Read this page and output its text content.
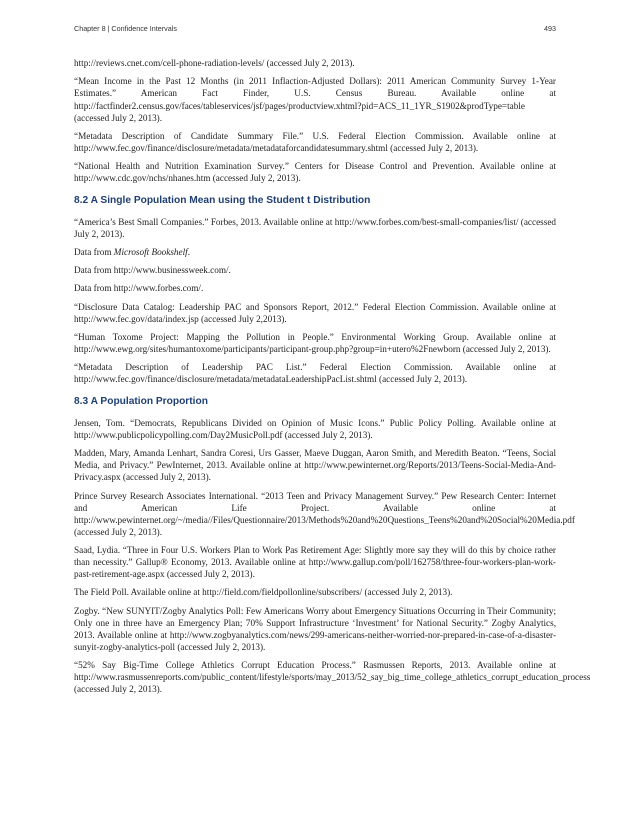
Chapter 8 | Confidence Intervals	493

http://reviews.cnet.com/cell-phone-radiation-levels/ (accessed July 2, 2013).

“Mean Income in the Past 12 Months (in 2011 Inflaction-Adjusted Dollars): 2011 American Community Survey 1-Year Estimates.” American Fact Finder, U.S. Census Bureau. Available online at http://factfinder2.census.gov/faces/tableservices/jsf/pages/productview.xhtml?pid=ACS_11_1YR_S1902&prodType=table (accessed July 2, 2013).

“Metadata Description of Candidate Summary File.” U.S. Federal Election Commission. Available online at http://www.fec.gov/finance/disclosure/metadata/metadataforcandidatesummary.shtml (accessed July 2, 2013).

“National Health and Nutrition Examination Survey.” Centers for Disease Control and Prevention. Available online at http://www.cdc.gov/nchs/nhanes.htm (accessed July 2, 2013).

8.2 A Single Population Mean using the Student t Distribution

“America’s Best Small Companies.” Forbes, 2013. Available online at http://www.forbes.com/best-small-companies/list/ (accessed July 2, 2013).

Data from Microsoft Bookshelf.

Data from http://www.businessweek.com/.

Data from http://www.forbes.com/.

“Disclosure Data Catalog: Leadership PAC and Sponsors Report, 2012.” Federal Election Commission. Available online at http://www.fec.gov/data/index.jsp (accessed July 2,2013).

“Human Toxome Project: Mapping the Pollution in People.” Environmental Working Group. Available online at http://www.ewg.org/sites/humantoxome/participants/participant-group.php?group=in+utero%2Fnewborn (accessed July 2, 2013).

“Metadata Description of Leadership PAC List.” Federal Election Commission. Available online at http://www.fec.gov/finance/disclosure/metadata/metadataLeadershipPacList.shtml (accessed July 2, 2013).

8.3 A Population Proportion

Jensen, Tom. “Democrats, Republicans Divided on Opinion of Music Icons.” Public Policy Polling. Available online at http://www.publicpolicypolling.com/Day2MusicPoll.pdf (accessed July 2, 2013).

Madden, Mary, Amanda Lenhart, Sandra Coresi, Urs Gasser, Maeve Duggan, Aaron Smith, and Meredith Beaton. “Teens, Social Media, and Privacy.” PewInternet, 2013. Available online at http://www.pewinternet.org/Reports/2013/Teens-Social-Media-And-Privacy.aspx (accessed July 2, 2013).

Prince Survey Research Associates International. “2013 Teen and Privacy Management Survey.” Pew Research Center: Internet and American Life Project. Available online at http://www.pewinternet.org/~/media//Files/Questionnaire/2013/Methods%20and%20Questions_Teens%20and%20Social%20Media.pdf (accessed July 2, 2013).

Saad, Lydia. “Three in Four U.S. Workers Plan to Work Pas Retirement Age: Slightly more say they will do this by choice rather than necessity.” Gallup® Economy, 2013. Available online at http://www.gallup.com/poll/162758/three-four-workers-plan-work-past-retirement-age.aspx (accessed July 2, 2013).

The Field Poll. Available online at http://field.com/fieldpollonline/subscribers/ (accessed July 2, 2013).

Zogby. “New SUNYIT/Zogby Analytics Poll: Few Americans Worry about Emergency Situations Occurring in Their Community; Only one in three have an Emergency Plan; 70% Support Infrastructure ‘Investment’ for National Security.” Zogby Analytics, 2013. Available online at http://www.zogbyanalytics.com/news/299-americans-neither-worried-nor-prepared-in-case-of-a-disaster-sunyit-zogby-analytics-poll (accessed July 2, 2013).

“52% Say Big-Time College Athletics Corrupt Education Process.” Rasmussen Reports, 2013. Available online at http://www.rasmussenreports.com/public_content/lifestyle/sports/may_2013/52_say_big_time_college_athletics_corrupt_education_process (accessed July 2, 2013).
